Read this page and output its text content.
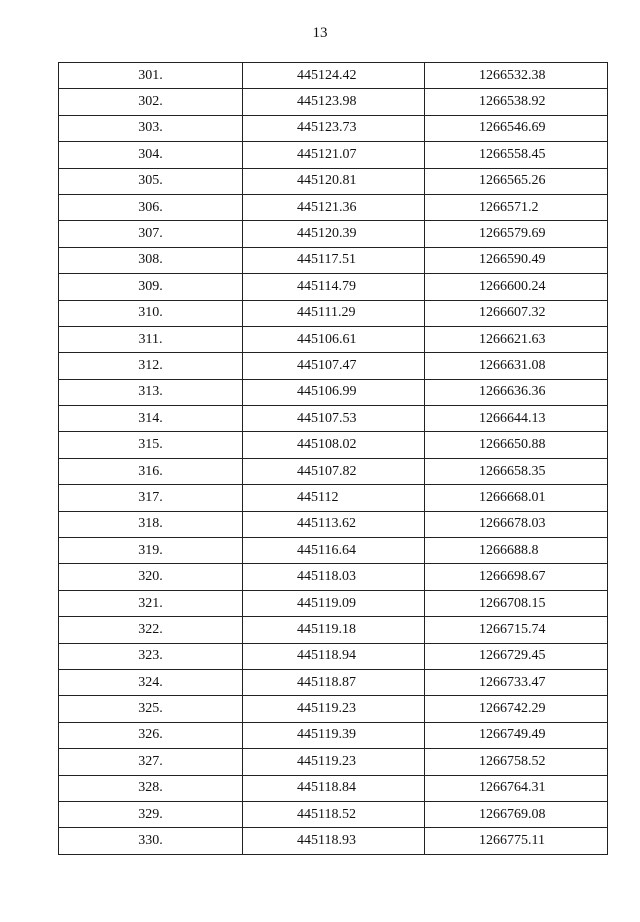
13
301.	445124.42	1266532.38
302.	445123.98	1266538.92
303.	445123.73	1266546.69
304.	445121.07	1266558.45
305.	445120.81	1266565.26
306.	445121.36	1266571.2
307.	445120.39	1266579.69
308.	445117.51	1266590.49
309.	445114.79	1266600.24
310.	445111.29	1266607.32
311.	445106.61	1266621.63
312.	445107.47	1266631.08
313.	445106.99	1266636.36
314.	445107.53	1266644.13
315.	445108.02	1266650.88
316.	445107.82	1266658.35
317.	445112	1266668.01
318.	445113.62	1266678.03
319.	445116.64	1266688.8
320.	445118.03	1266698.67
321.	445119.09	1266708.15
322.	445119.18	1266715.74
323.	445118.94	1266729.45
324.	445118.87	1266733.47
325.	445119.23	1266742.29
326.	445119.39	1266749.49
327.	445119.23	1266758.52
328.	445118.84	1266764.31
329.	445118.52	1266769.08
330.	445118.93	1266775.11
